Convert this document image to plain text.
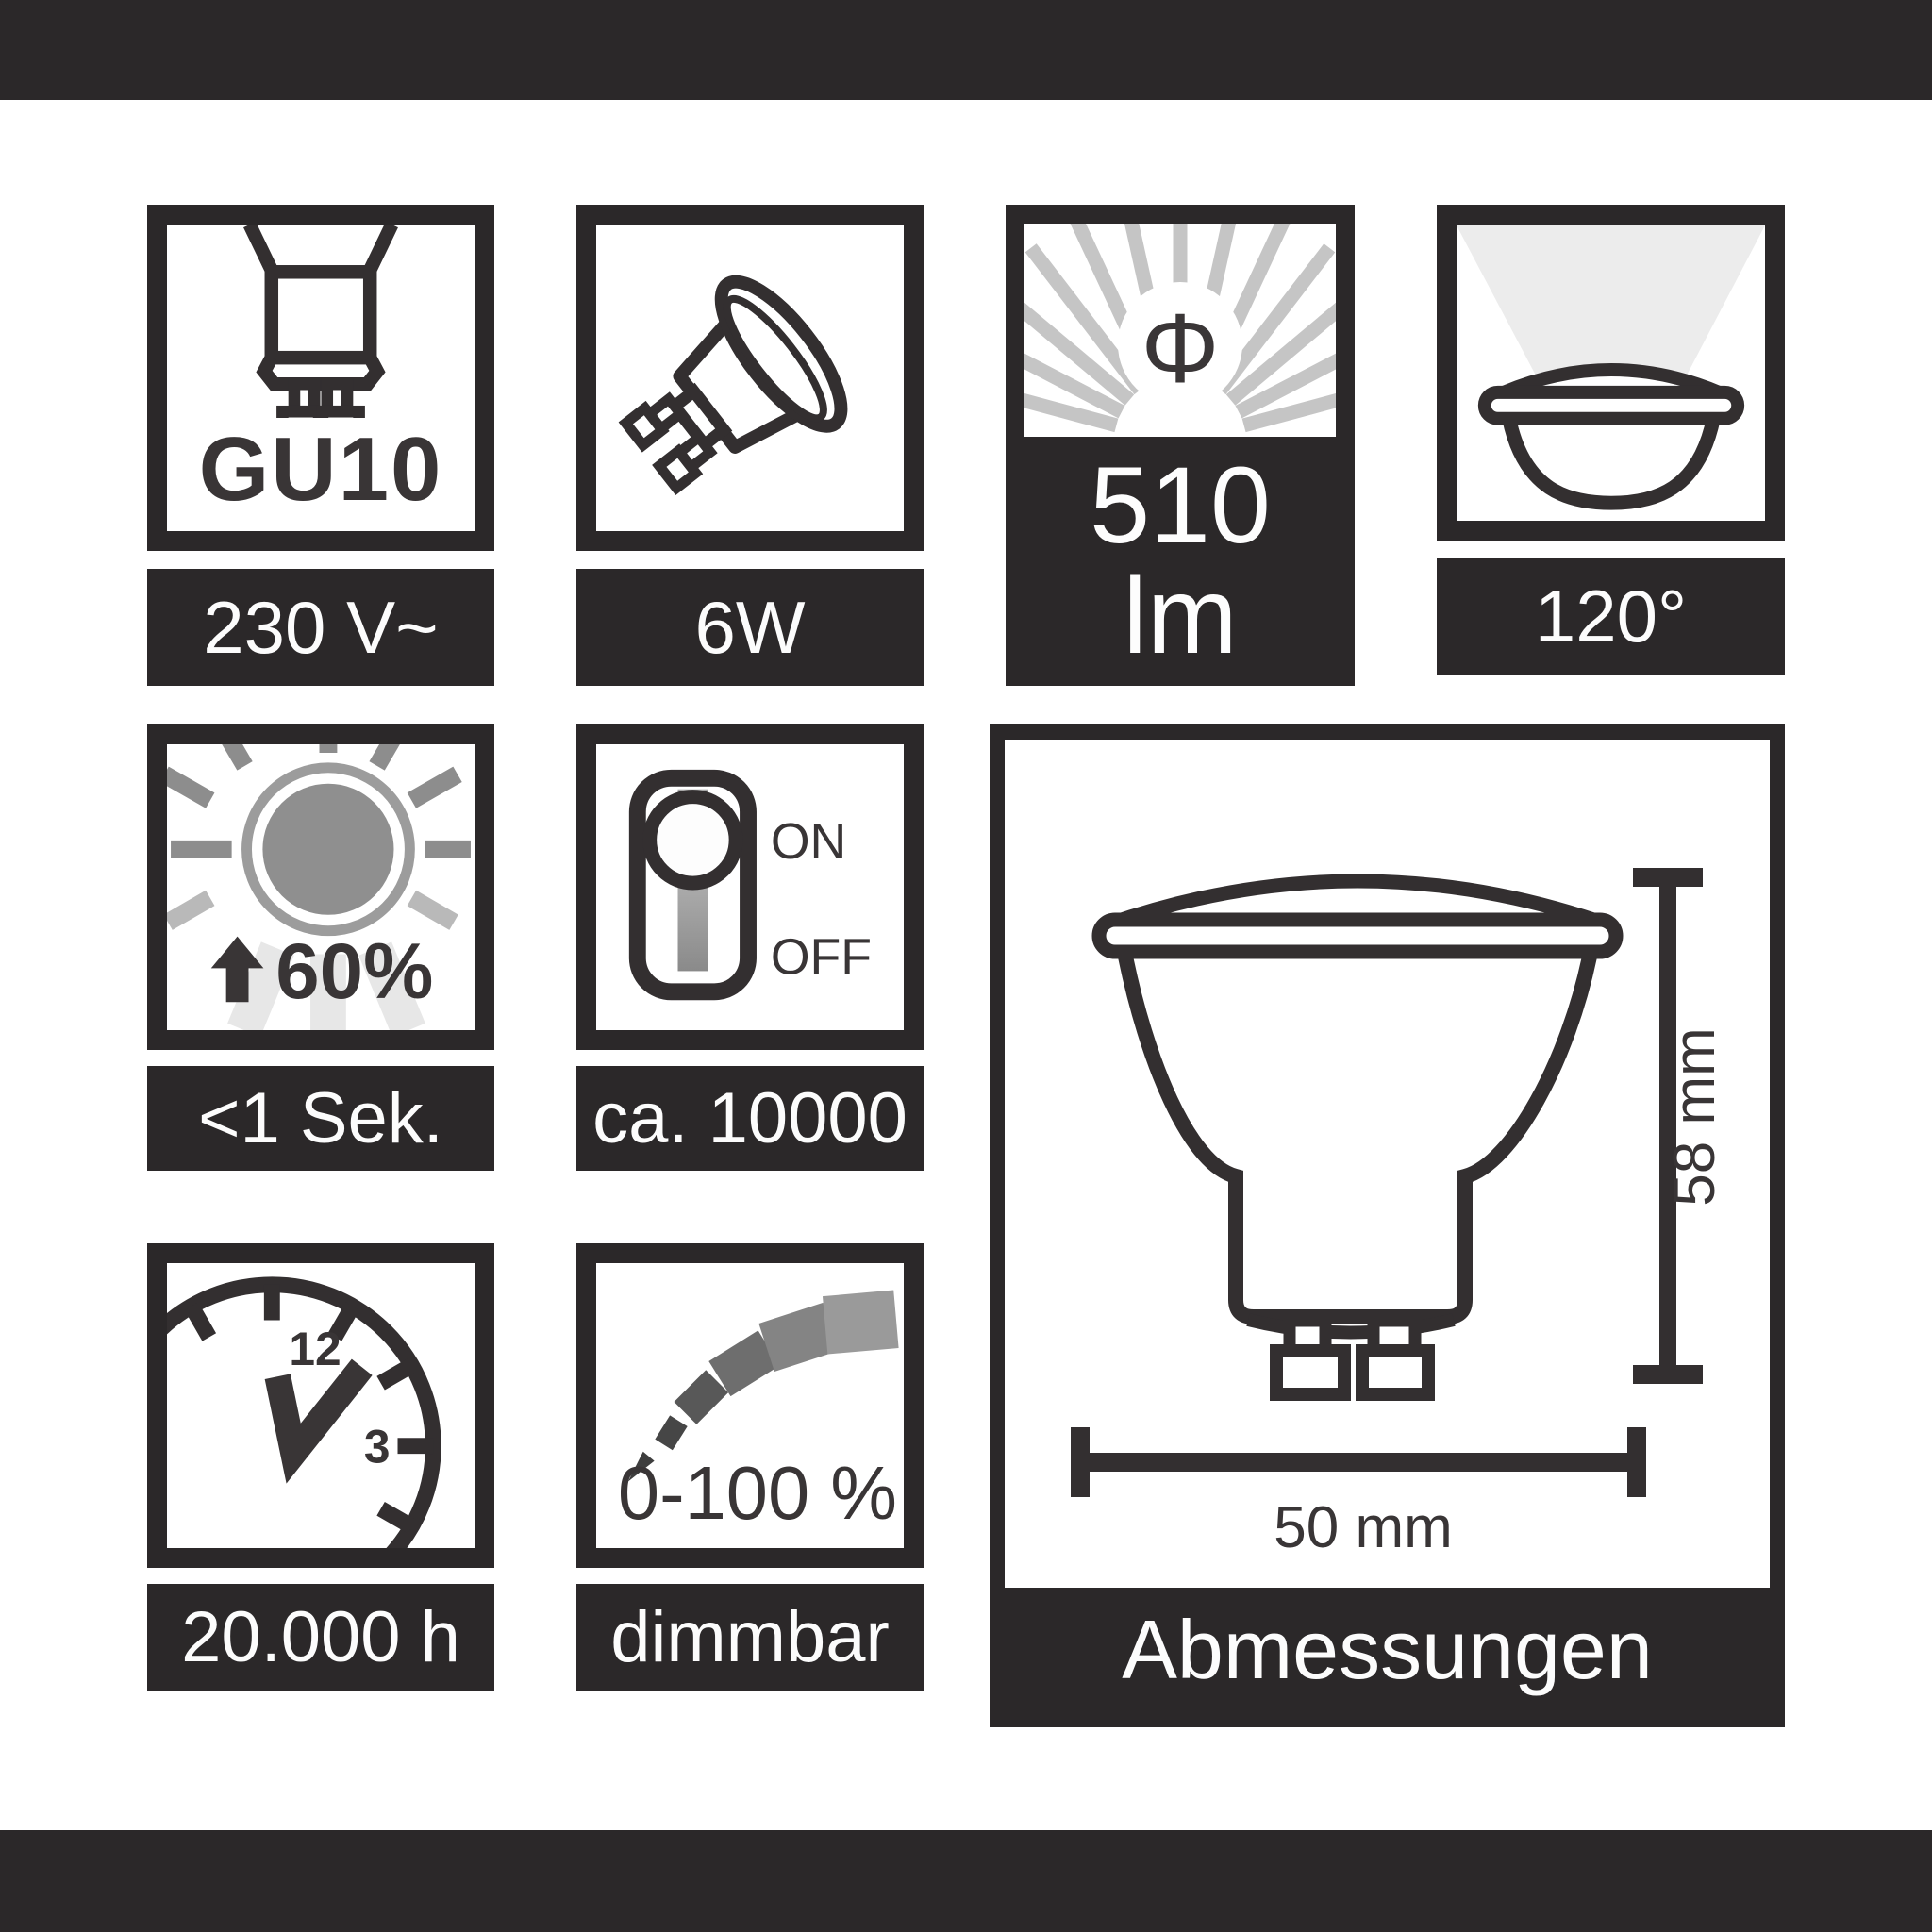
GU10
230 V~	6W
Φ
510
lm	120°
60%
<1 Sek.
ON
OFF
ca. 10000
12
3
20.000 h
0-100 %
dimmbar
58 mm
50 mm
Abmessungen
